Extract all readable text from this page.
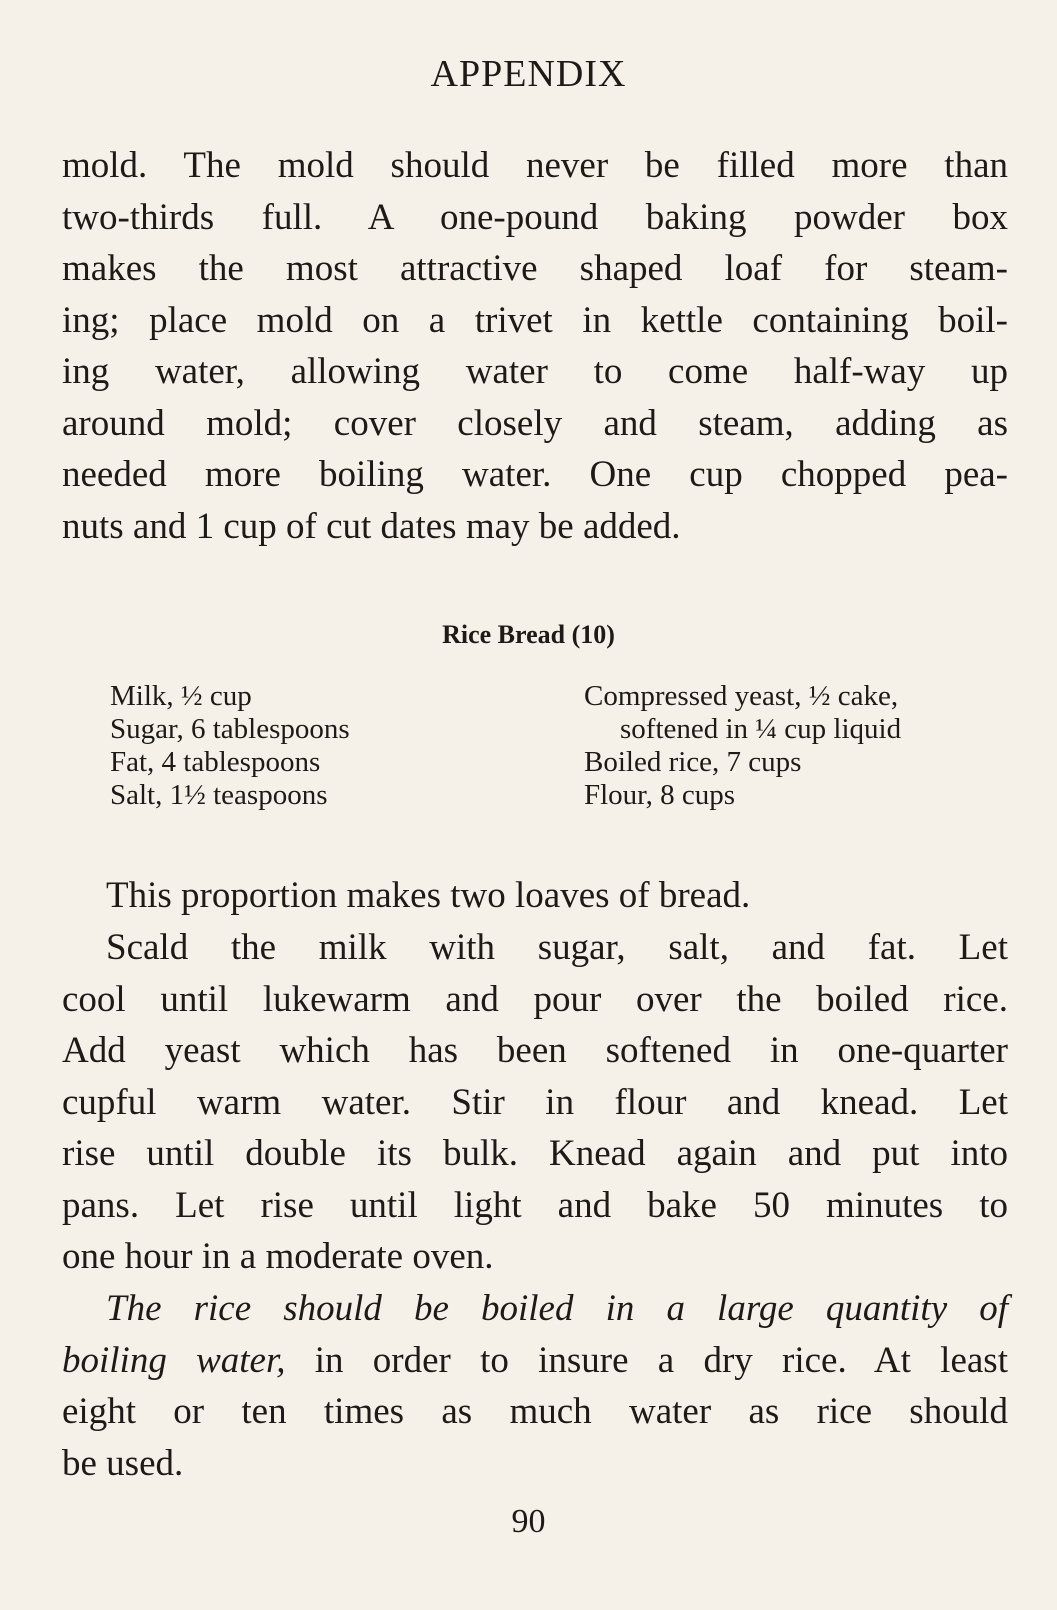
APPENDIX
mold. The mold should never be filled more than
two-thirds full. A one-pound baking powder box
makes the most attractive shaped loaf for steam-
ing; place mold on a trivet in kettle containing boil-
ing water, allowing water to come half-way up
around mold; cover closely and steam, adding as
needed more boiling water. One cup chopped pea-
nuts and 1 cup of cut dates may be added.
Rice Bread (10)
Milk, ½ cup
Sugar, 6 tablespoons
Fat, 4 tablespoons
Salt, 1½ teaspoons
Compressed yeast, ½ cake,
softened in ¼ cup liquid
Boiled rice, 7 cups
Flour, 8 cups
This proportion makes two loaves of bread.
Scald the milk with sugar, salt, and fat. Let
cool until lukewarm and pour over the boiled rice.
Add yeast which has been softened in one-quarter
cupful warm water. Stir in flour and knead. Let
rise until double its bulk. Knead again and put into
pans. Let rise until light and bake 50 minutes to
one hour in a moderate oven.
The rice should be boiled in a large quantity of
boiling water, in order to insure a dry rice. At least
eight or ten times as much water as rice should
be used.
90
